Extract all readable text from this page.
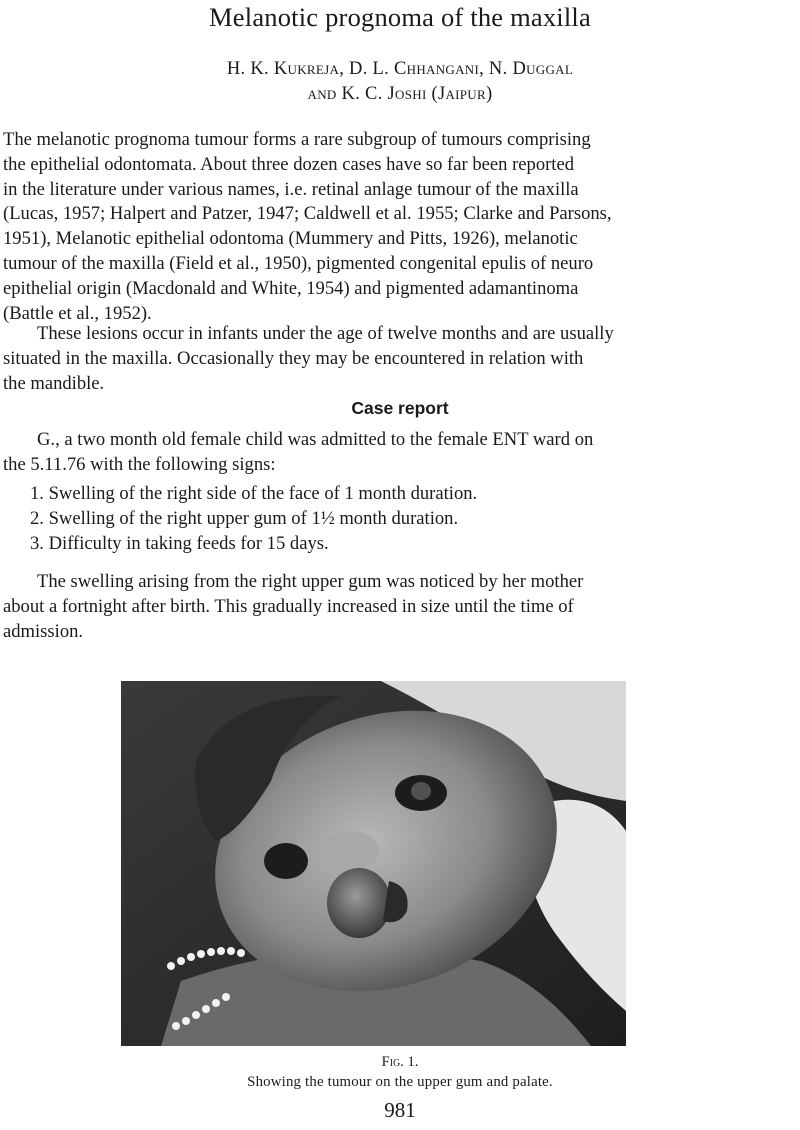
Melanotic prognoma of the maxilla
H. K. Kukreja, D. L. Chhangani, N. Duggal
and K. C. Joshi (Jaipur)
The melanotic prognoma tumour forms a rare subgroup of tumours comprising
the epithelial odontomata. About three dozen cases have so far been reported
in the literature under various names, i.e. retinal anlage tumour of the maxilla
(Lucas, 1957; Halpert and Patzer, 1947; Caldwell et al. 1955; Clarke and Parsons,
1951), Melanotic epithelial odontoma (Mummery and Pitts, 1926), melanotic
tumour of the maxilla (Field et al., 1950), pigmented congenital epulis of neuro
epithelial origin (Macdonald and White, 1954) and pigmented adamantinoma
(Battle et al., 1952).
These lesions occur in infants under the age of twelve months and are usually
situated in the maxilla. Occasionally they may be encountered in relation with
the mandible.
Case report
G., a two month old female child was admitted to the female ENT ward on
the 5.11.76 with the following signs:
1. Swelling of the right side of the face of 1 month duration.
2. Swelling of the right upper gum of 1½ month duration.
3. Difficulty in taking feeds for 15 days.
The swelling arising from the right upper gum was noticed by her mother
about a fortnight after birth. This gradually increased in size until the time of
admission.
Fig. 1.
Showing the tumour on the upper gum and palate.
981
